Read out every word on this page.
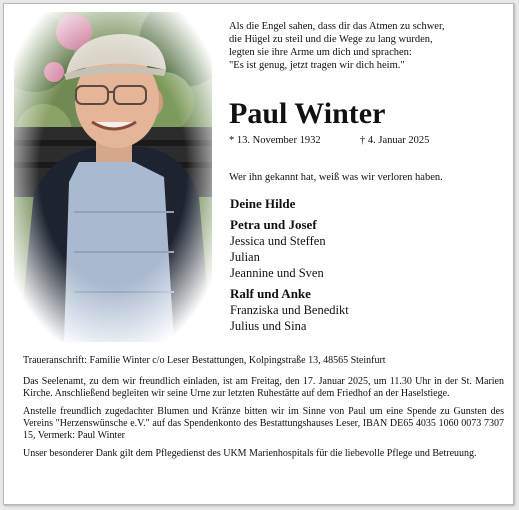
Als die Engel sahen, dass dir das Atmen zu schwer,
die Hügel zu steil und die Wege zu lang wurden,
legten sie ihre Arme um dich und sprachen:
"Es ist genug, jetzt tragen wir dich heim."
Paul Winter
* 13. November 1932	† 4. Januar 2025
Wer ihn gekannt hat, weiß was wir verloren haben.
Deine Hilde
Petra und Josef
Jessica und Steffen
Julian
Jeannine und Sven
Ralf und Anke
Franziska und Benedikt
Julius und Sina

Traueranschrift: Familie Winter c/o Leser Bestattungen, Kolpingstraße 13, 48565 Steinfurt

Das Seelenamt, zu dem wir freundlich einladen, ist am Freitag, den 17. Januar 2025, um 11.30 Uhr in der St. Marien Kirche. Anschließend begleiten wir seine Urne zur letzten Ruhestätte auf dem Friedhof an der Haselstiege.

Anstelle freundlich zugedachter Blumen und Kränze bitten wir im Sinne von Paul um eine Spende zu Gunsten des Vereins "Herzenswünsche e.V." auf das Spendenkonto des Bestattungshauses Leser, IBAN DE65 4035 1060 0073 7307 15, Vermerk: Paul Winter

Unser besonderer Dank gilt dem Pflegedienst des UKM Marienhospitals für die liebevolle Pflege und Betreuung.
